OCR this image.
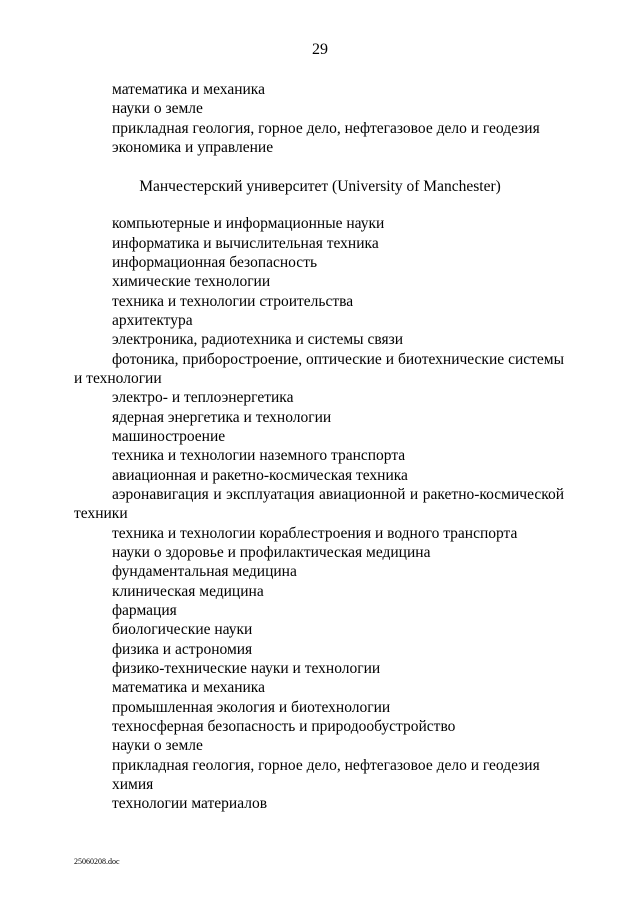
29
математика и механика
науки о земле
прикладная геология, горное дело, нефтегазовое дело и геодезия
экономика и управление
Манчестерский университет (University of Manchester)
компьютерные и информационные науки
информатика и вычислительная техника
информационная безопасность
химические технологии
техника и технологии строительства
архитектура
электроника, радиотехника и системы связи
фотоника, приборостроение, оптические и биотехнические системы
и технологии
электро- и теплоэнергетика
ядерная энергетика и технологии
машиностроение
техника и технологии наземного транспорта
авиационная и ракетно-космическая техника
аэронавигация и эксплуатация авиационной и ракетно-космической
техники
техника и технологии кораблестроения и водного транспорта
науки о здоровье и профилактическая медицина
фундаментальная медицина
клиническая медицина
фармация
биологические науки
физика и астрономия
физико-технические науки и технологии
математика и механика
промышленная экология и биотехнологии
техносферная безопасность и природообустройство
науки о земле
прикладная геология, горное дело, нефтегазовое дело и геодезия
химия
технологии материалов
25060208.doc
